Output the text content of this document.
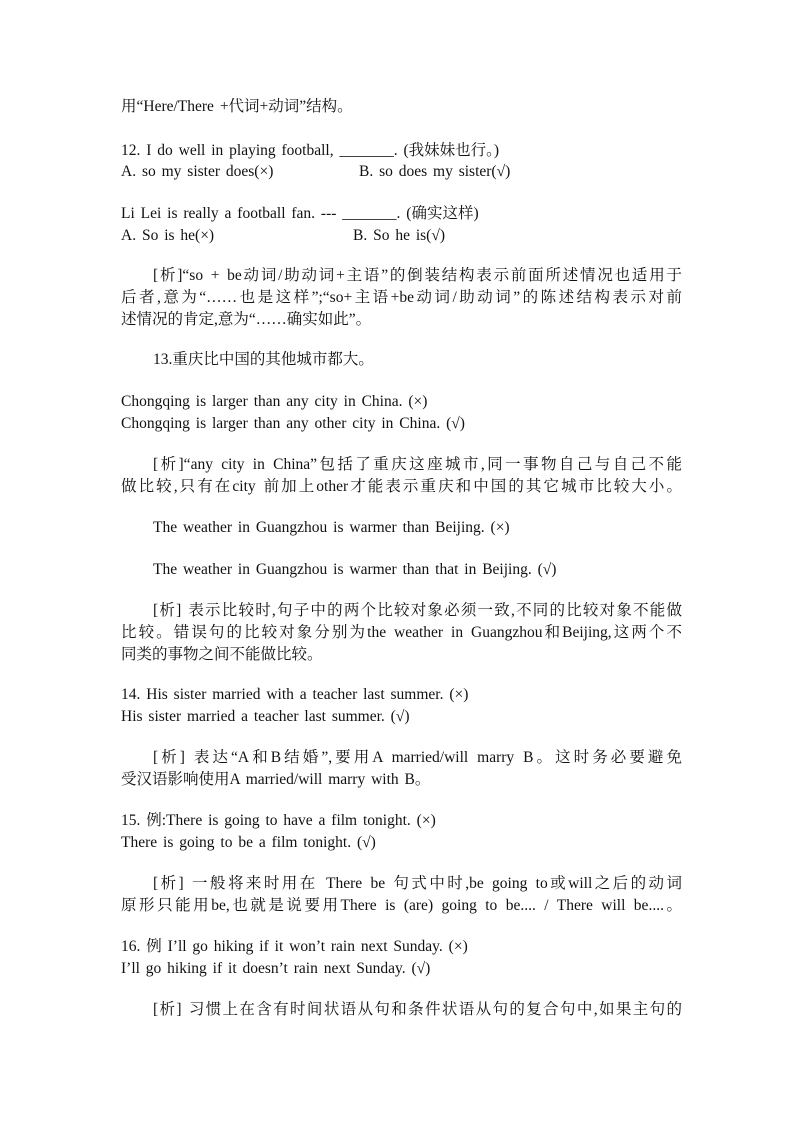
用“Here/There +代词+动词”结构。
12. I do well in playing football, _______. (我妹妹也行。)
A. so my sister does(×)	B. so does my sister(√)
Li Lei is really a football fan. --- _______. (确实这样)
A. So is he(×)	B. So he is(√)
[析]“so + be动词/助动词+主语”的倒装结构表示前面所述情况也适用于
后者,意为“……也是这样”;“so+主语+be动词/助动词”的陈述结构表示对前
述情况的肯定,意为“……确实如此”。
13.重庆比中国的其他城市都大。
Chongqing is larger than any city in China. (×)
Chongqing is larger than any other city in China. (√)
[析]“any city in China”包括了重庆这座城市,同一事物自己与自己不能
做比较,只有在city 前加上other才能表示重庆和中国的其它城市比较大小。
The weather in Guangzhou is warmer than Beijing. (×)
The weather in Guangzhou is warmer than that in Beijing. (√)
[析] 表示比较时,句子中的两个比较对象必须一致,不同的比较对象不能做
比较。错误句的比较对象分别为the weather in Guangzhou和Beijing,这两个不
同类的事物之间不能做比较。
14. His sister married with a teacher last summer. (×)
His sister married a teacher last summer. (√)
[析] 表达“A和B结婚”,要用A married/will marry B。这时务必要避免
受汉语影响使用A married/will marry with B。
15. 例:There is going to have a film tonight. (×)
There is going to be a film tonight. (√)
[析] 一般将来时用在 There be 句式中时,be going to或will之后的动词
原形只能用be,也就是说要用There is (are) going to be.... / There will be....。
16. 例 I’ll go hiking if it won’t rain next Sunday. (×)
I’ll go hiking if it doesn’t rain next Sunday. (√)
[析] 习惯上在含有时间状语从句和条件状语从句的复合句中,如果主句的
